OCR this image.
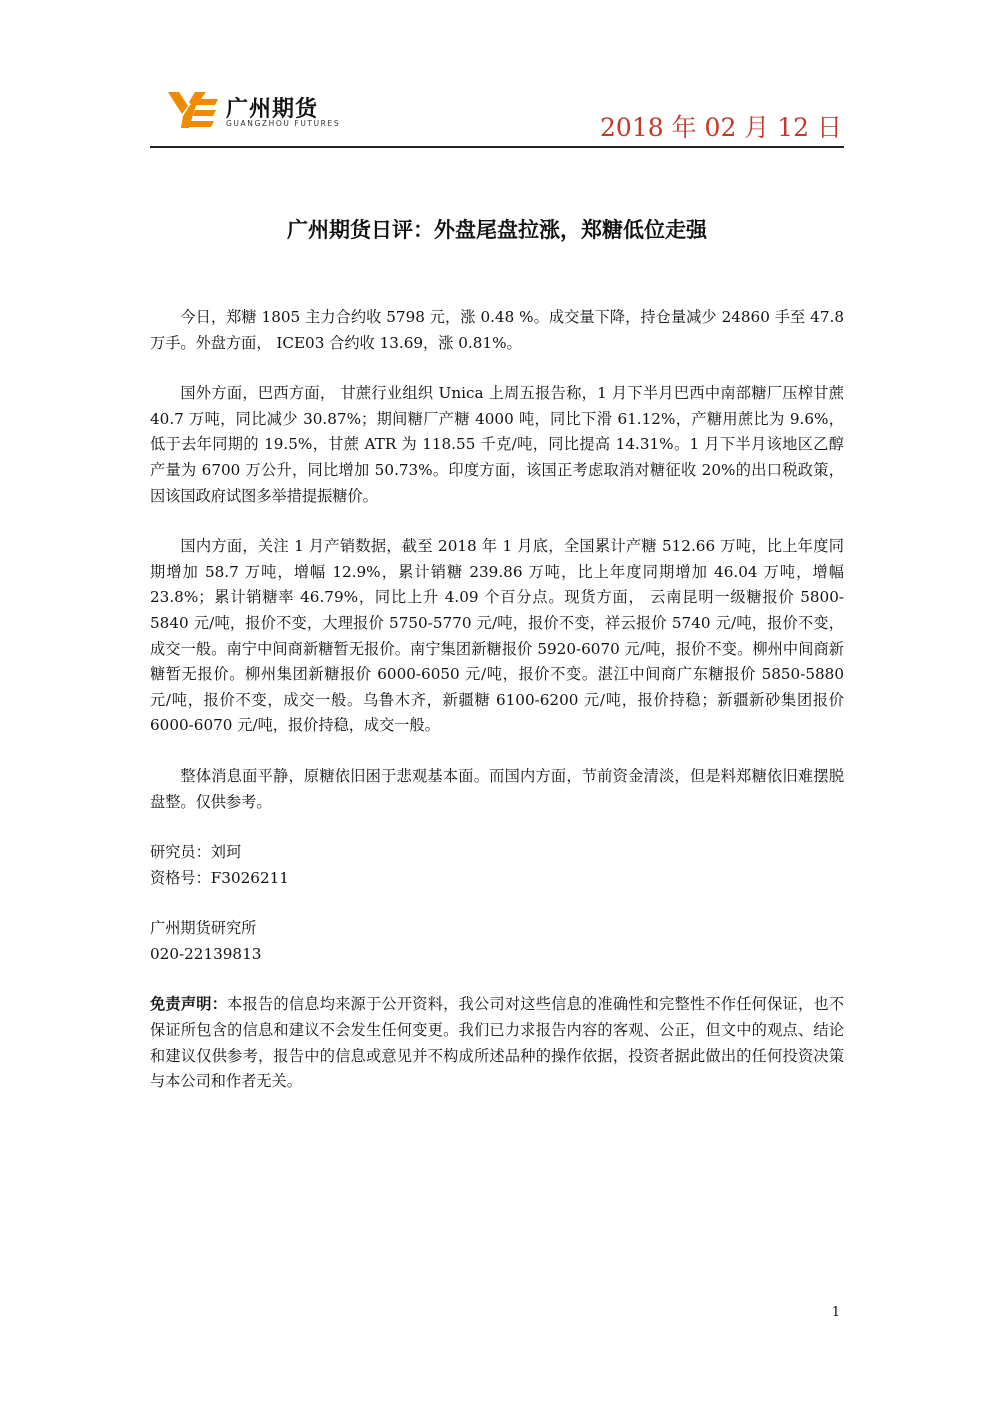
广州期货
GUANGZHOU FUTURES	2018 年 02 月 12 日
广州期货日评：外盘尾盘拉涨，郑糖低位走强

今日，郑糖 1805 主力合约收 5798 元，涨 0.48 %。成交量下降，持仓量减少 24860 手至 47.8 万手。外盘方面， ICE03 合约收 13.69，涨 0.81%。

国外方面，巴西方面， 甘蔗行业组织 Unica 上周五报告称，1 月下半月巴西中南部糖厂压榨甘蔗 40.7 万吨，同比减少 30.87%；期间糖厂产糖 4000 吨，同比下滑 61.12%，产糖用蔗比为 9.6%，低于去年同期的 19.5%，甘蔗 ATR 为 118.55 千克/吨，同比提高 14.31%。1 月下半月该地区乙醇产量为 6700 万公升，同比增加 50.73%。印度方面，该国正考虑取消对糖征收 20%的出口税政策，因该国政府试图多举措提振糖价。

国内方面，关注 1 月产销数据，截至 2018 年 1 月底，全国累计产糖 512.66 万吨，比上年度同期增加 58.7 万吨，增幅 12.9%，累计销糖 239.86 万吨，比上年度同期增加 46.04 万吨，增幅 23.8%；累计销糖率 46.79%，同比上升 4.09 个百分点。现货方面， 云南昆明一级糖报价 5800-5840 元/吨，报价不变，大理报价 5750-5770 元/吨，报价不变，祥云报价 5740 元/吨，报价不变，成交一般。南宁中间商新糖暂无报价。南宁集团新糖报价 5920-6070 元/吨，报价不变。柳州中间商新糖暂无报价。柳州集团新糖报价 6000-6050 元/吨，报价不变。湛江中间商广东糖报价 5850-5880 元/吨，报价不变，成交一般。乌鲁木齐，新疆糖 6100-6200 元/吨，报价持稳；新疆新砂集团报价 6000-6070 元/吨，报价持稳，成交一般。

整体消息面平静，原糖依旧困于悲观基本面。而国内方面，节前资金清淡，但是料郑糖依旧难摆脱盘整。仅供参考。

研究员：刘珂

资格号：F3026211

广州期货研究所

020-22139813

免责声明：本报告的信息均来源于公开资料，我公司对这些信息的准确性和完整性不作任何保证，也不保证所包含的信息和建议不会发生任何变更。我们已力求报告内容的客观、公正，但文中的观点、结论和建议仅供参考，报告中的信息或意见并不构成所述品种的操作依据，投资者据此做出的任何投资决策与本公司和作者无关。

1
